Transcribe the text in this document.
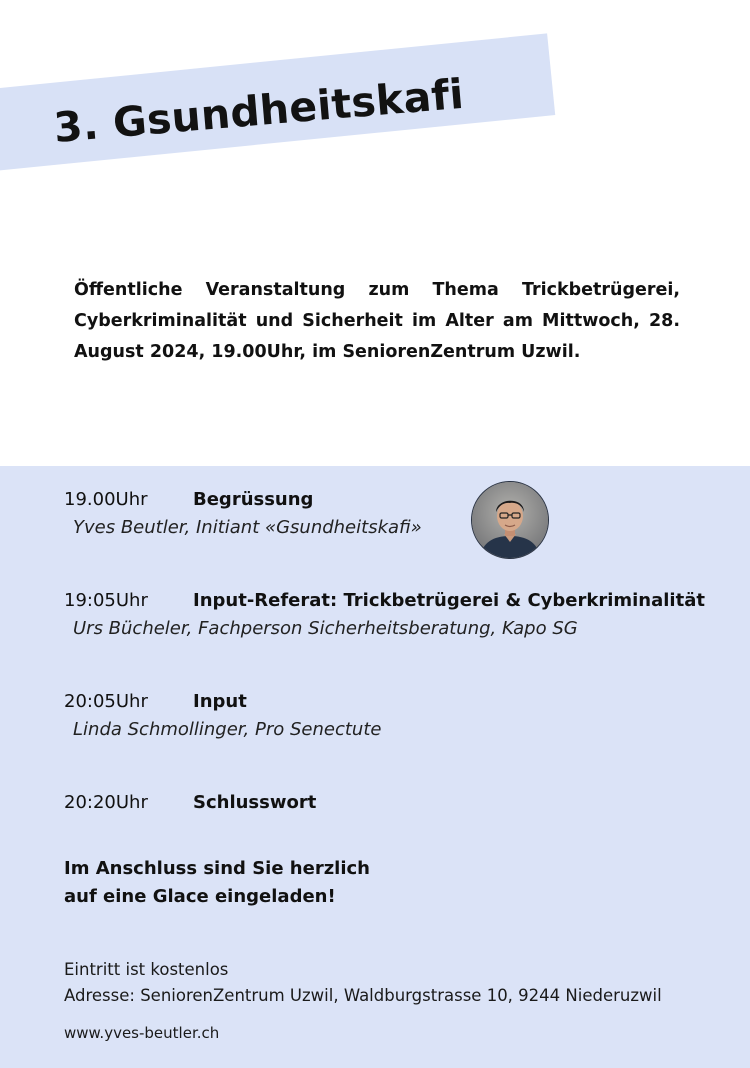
3. Gsundheitskafi

Öffentliche Veranstaltung zum Thema Trickbetrügerei, Cyberkriminalität und Sicherheit im Alter am Mittwoch, 28. August 2024, 19.00Uhr, im SeniorenZentrum Uzwil.

19.00Uhr	Begrüssung
Yves Beutler, Initiant «Gsundheitskafi»
19:05Uhr	Input-Referat: Trickbetrügerei & Cyberkriminalität
Urs Bücheler, Fachperson Sicherheitsberatung, Kapo SG
20:05Uhr	Input
Linda Schmollinger, Pro Senectute
20:20Uhr	Schlusswort

Im Anschluss sind Sie herzlich
auf eine Glace eingeladen!

Eintritt ist kostenlos
Adresse: SeniorenZentrum Uzwil, Waldburgstrasse 10, 9244 Niederuzwil
www.yves-beutler.ch
